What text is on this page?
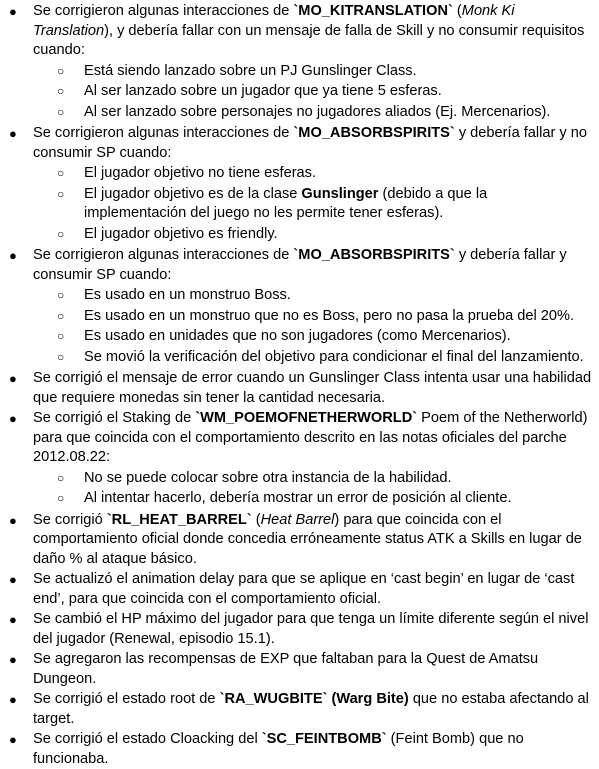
● Se corrigieron algunas interacciones de `MO_KITRANSLATION` (Monk Ki Translation), y debería fallar con un mensaje de falla de Skill y no consumir requisitos cuando:
○ Está siendo lanzado sobre un PJ Gunslinger Class.
○ Al ser lanzado sobre un jugador que ya tiene 5 esferas.
○ Al ser lanzado sobre personajes no jugadores aliados (Ej. Mercenarios).
● Se corrigieron algunas interacciones de `MO_ABSORBSPIRITS` y debería fallar y no consumir SP cuando:
○ El jugador objetivo no tiene esferas.
○ El jugador objetivo es de la clase Gunslinger (debido a que la implementación del juego no les permite tener esferas).
○ El jugador objetivo es friendly.
● Se corrigieron algunas interacciones de `MO_ABSORBSPIRITS` y debería fallar y consumir SP cuando:
○ Es usado en un monstruo Boss.
○ Es usado en un monstruo que no es Boss, pero no pasa la prueba del 20%.
○ Es usado en unidades que no son jugadores (como Mercenarios).
○ Se movió la verificación del objetivo para condicionar el final del lanzamiento.
● Se corrigió el mensaje de error cuando un Gunslinger Class intenta usar una habilidad que requiere monedas sin tener la cantidad necesaria.
● Se corrigió el Staking de `WM_POEMOFNETHERWORLD` Poem of the Netherworld) para que coincida con el comportamiento descrito en las notas oficiales del parche 2012.08.22:
○ No se puede colocar sobre otra instancia de la habilidad.
○ Al intentar hacerlo, debería mostrar un error de posición al cliente.
● Se corrigió `RL_HEAT_BARREL` (Heat Barrel) para que coincida con el comportamiento oficial donde concedia erróneamente status ATK a Skills en lugar de daño % al ataque básico.
● Se actualizó el animation delay para que se aplique en ‘cast begin’ en lugar de ‘cast end’, para que coincida con el comportamiento oficial.
● Se cambió el HP máximo del jugador para que tenga un límite diferente según el nivel del jugador (Renewal, episodio 15.1).
● Se agregaron las recompensas de EXP que faltaban para la Quest de Amatsu Dungeon.
● Se corrigió el estado root de `RA_WUGBITE` (Warg Bite) que no estaba afectando al target.
● Se corrigió el estado Cloacking del `SC_FEINTBOMB` (Feint Bomb) que no funcionaba.
